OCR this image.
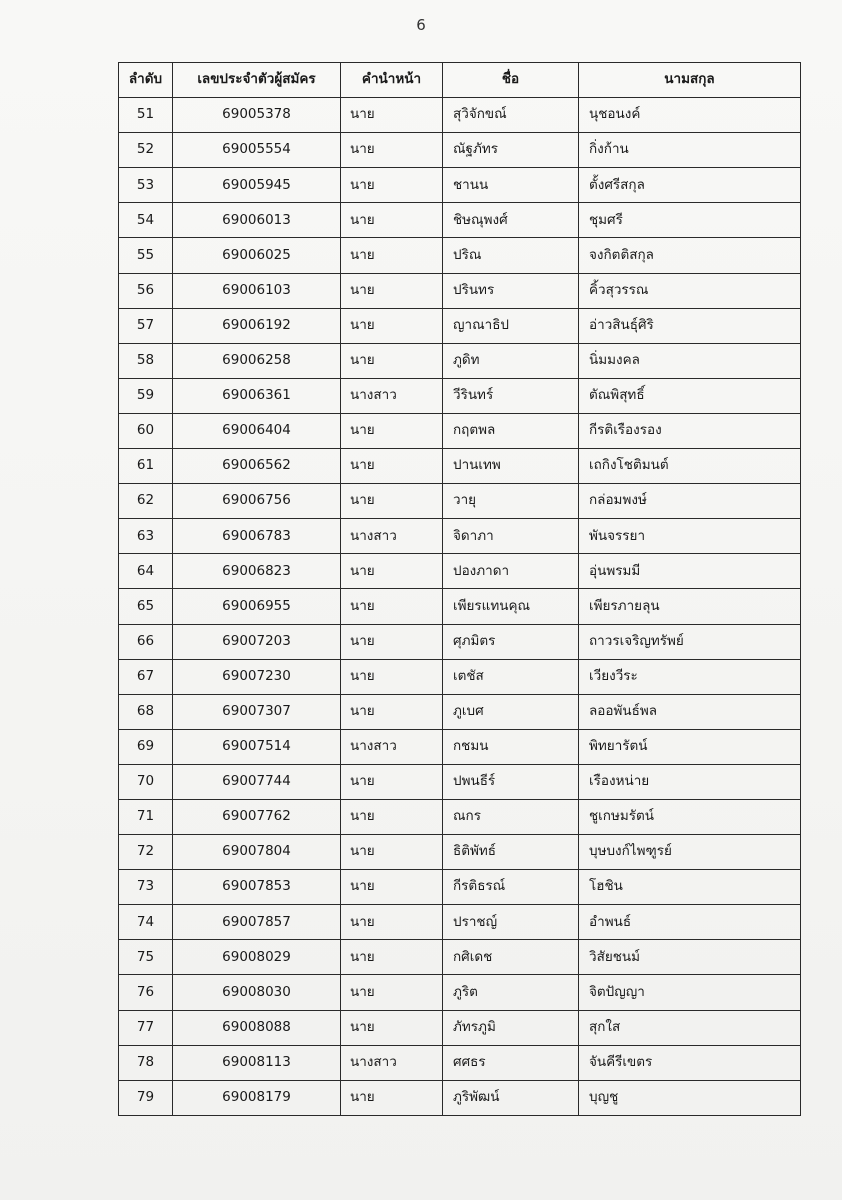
6
ลำดับ	เลขประจำตัวผู้สมัคร	คำนำหน้า	ชื่อ	นามสกุล
51	69005378	นาย	สุวิจักขณ์	นุชอนงค์
52	69005554	นาย	ณัฐภัทร	กิ่งก้าน
53	69005945	นาย	ชานน	ตั้งศรีสกุล
54	69006013	นาย	ชิษณุพงศ์	ชุมศรี
55	69006025	นาย	ปริณ	จงกิตติสกุล
56	69006103	นาย	ปรินทร	คิ้วสุวรรณ
57	69006192	นาย	ญาณาธิป	อ่าวสินธุ์ศิริ
58	69006258	นาย	ภูดิท	นิ่มมงคล
59	69006361	นางสาว	วีรินทร์	ตัณพิสุทธิ์
60	69006404	นาย	กฤตพล	กีรติเรืองรอง
61	69006562	นาย	ปานเทพ	เถกิงโชติมนต์
62	69006756	นาย	วายุ	กล่อมพงษ์
63	69006783	นางสาว	จิดาภา	พันจรรยา
64	69006823	นาย	ปองภาดา	อุ่นพรมมี
65	69006955	นาย	เพียรแทนคุณ	เพียรภายลุน
66	69007203	นาย	ศุภมิตร	ถาวรเจริญทรัพย์
67	69007230	นาย	เตชัส	เวียงวีระ
68	69007307	นาย	ภูเบศ	ลออพันธ์พล
69	69007514	นางสาว	กชมน	พิทยารัตน์
70	69007744	นาย	ปพนธีร์	เรืองหน่าย
71	69007762	นาย	ณกร	ชูเกษมรัตน์
72	69007804	นาย	ธิติพัทธ์	บุษบงก์ไพฑูรย์
73	69007853	นาย	กีรติธรณ์	โฮชิน
74	69007857	นาย	ปราชญ์	อำพนธ์
75	69008029	นาย	กศิเดช	วิสัยชนม์
76	69008030	นาย	ภูริต	จิตปัญญา
77	69008088	นาย	ภัทรภูมิ	สุกใส
78	69008113	นางสาว	ศศธร	จันคีรีเขตร
79	69008179	นาย	ภูริพัฒน์	บุญชู
